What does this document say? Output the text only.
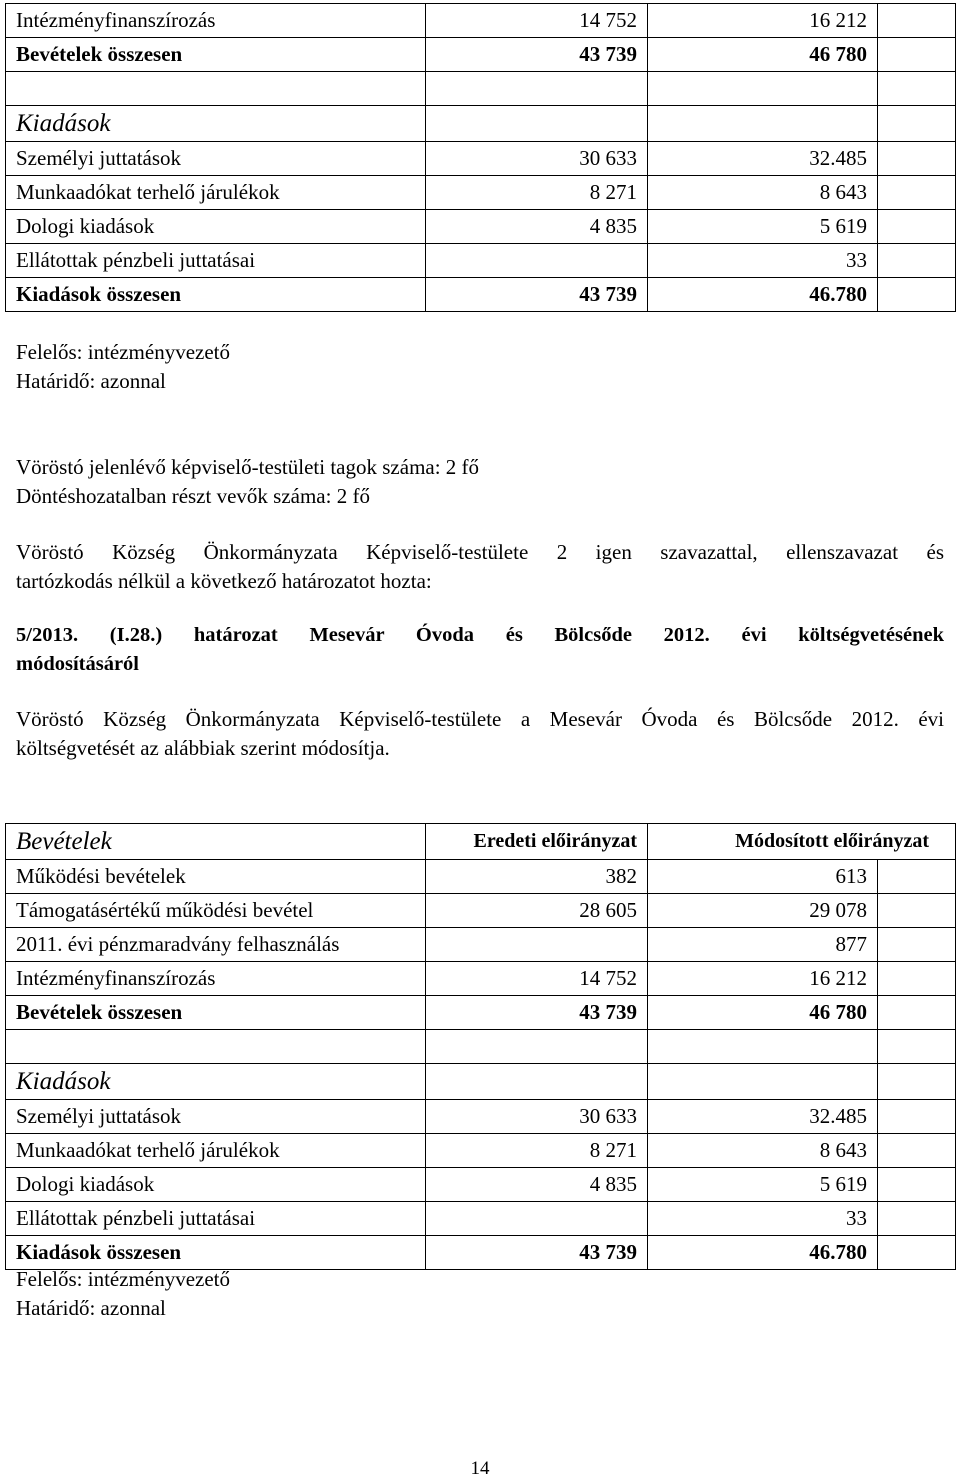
Intézményfinanszírozás	14 752	16 212	
Bevételek összesen	43 739	46 780	

Kiadások			
Személyi juttatások	30 633	32.485	
Munkaadókat terhelő járulékok	8 271	8 643	
Dologi kiadások	4 835	5 619	
Ellátottak pénzbeli juttatásai		33	
Kiadások összesen	43 739	46.780	
Felelős: intézményvezető
Határidő: azonnal
Vöröstó jelenlévő képviselő-testületi tagok száma: 2 fő
Döntéshozatalban részt vevők száma: 2 fő
Vöröstó Község Önkormányzata Képviselő-testülete 2 igen szavazattal, ellenszavazat és
tartózkodás nélkül a következő határozatot hozta:
5/2013. (I.28.) határozat Mesevár Óvoda és Bölcsőde 2012. évi költségvetésének
módosításáról
Vöröstó Község Önkormányzata Képviselő-testülete a Mesevár Óvoda és Bölcsőde 2012. évi
költségvetését az alábbiak szerint módosítja.
Bevételek	Eredeti előirányzat	Módosított előirányzat	
Működési bevételek	382	613	
Támogatásértékű működési bevétel	28 605	29 078	
2011. évi pénzmaradvány felhasználás		877	
Intézményfinanszírozás	14 752	16 212	
Bevételek összesen	43 739	46 780	

Kiadások			
Személyi juttatások	30 633	32.485	
Munkaadókat terhelő járulékok	8 271	8 643	
Dologi kiadások	4 835	5 619	
Ellátottak pénzbeli juttatásai		33	
Kiadások összesen	43 739	46.780	
Felelős: intézményvezető
Határidő: azonnal
14
